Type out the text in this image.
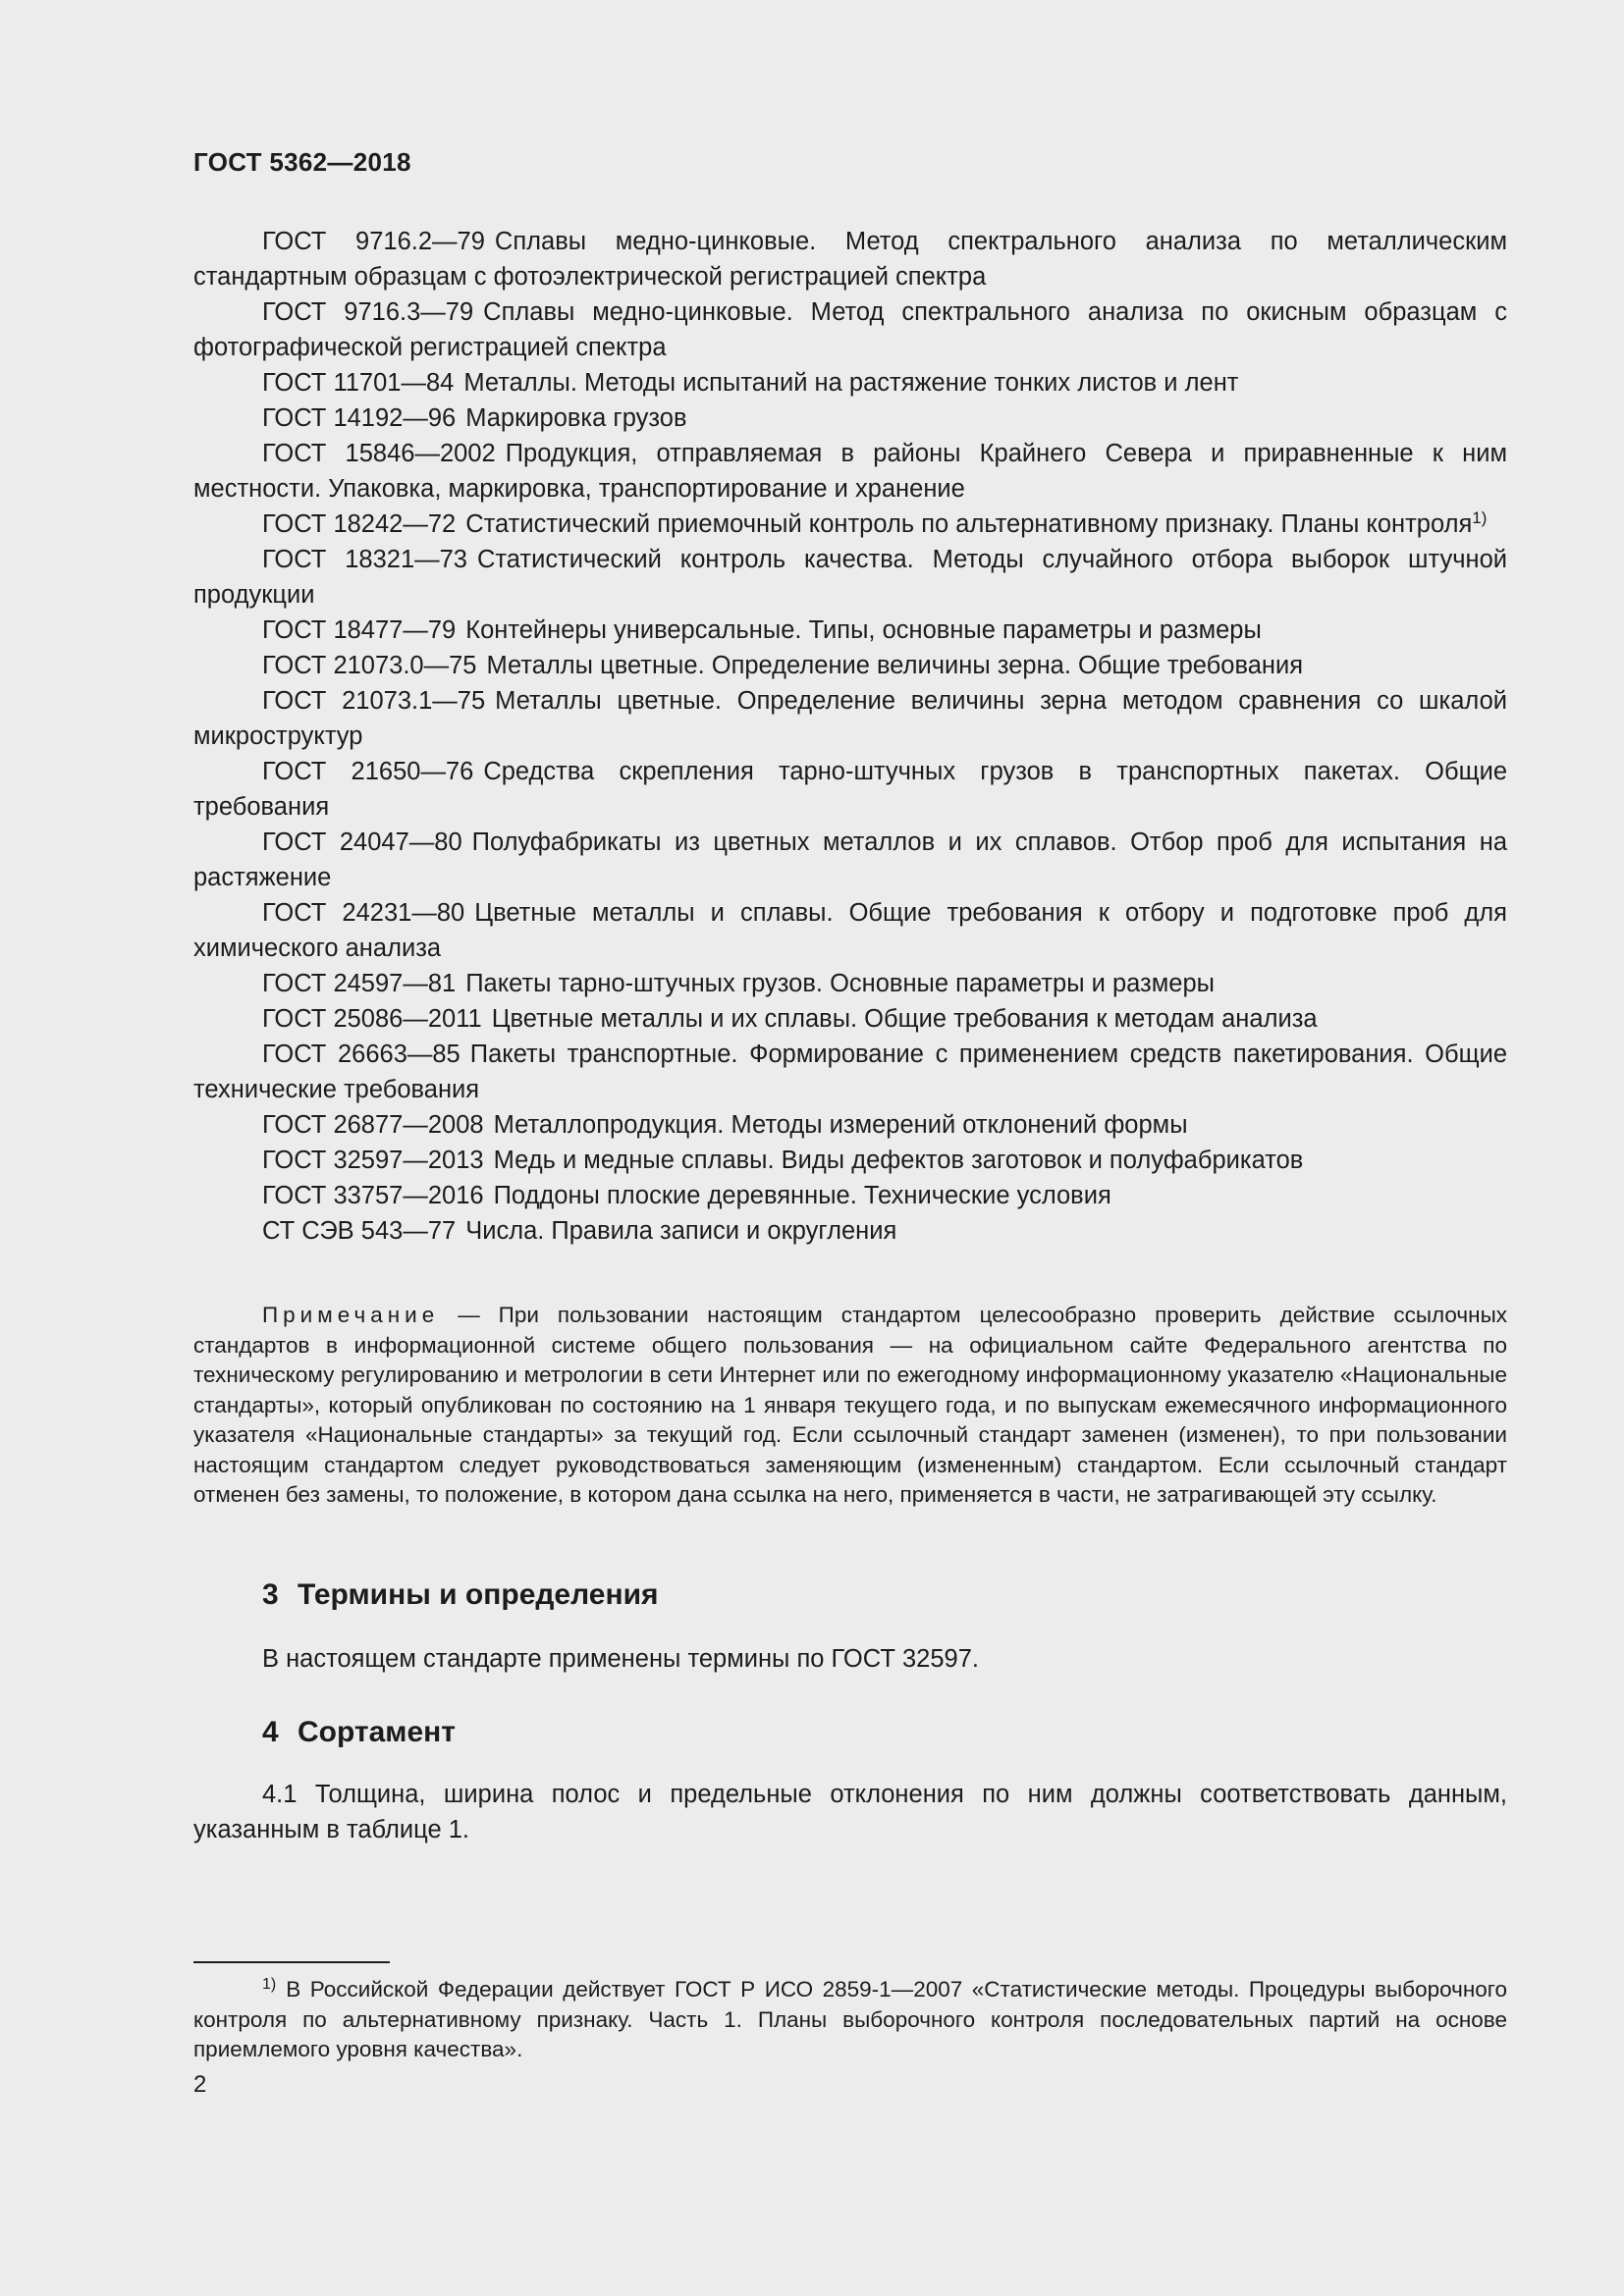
ГОСТ 5362—2018

ГОСТ 9716.2—79 Сплавы медно-цинковые. Метод спектрального анализа по металлическим стандартным образцам с фотоэлектрической регистрацией спектра

ГОСТ 9716.3—79 Сплавы медно-цинковые. Метод спектрального анализа по окисным образцам с фотографической регистрацией спектра

ГОСТ 11701—84 Металлы. Методы испытаний на растяжение тонких листов и лент

ГОСТ 14192—96 Маркировка грузов

ГОСТ 15846—2002 Продукция, отправляемая в районы Крайнего Севера и приравненные к ним местности. Упаковка, маркировка, транспортирование и хранение

ГОСТ 18242—72 Статистический приемочный контроль по альтернативному признаку. Планы контроля$^{1)}$

ГОСТ 18321—73 Статистический контроль качества. Методы случайного отбора выборок штучной продукции

ГОСТ 18477—79 Контейнеры универсальные. Типы, основные параметры и размеры

ГОСТ 21073.0—75 Металлы цветные. Определение величины зерна. Общие требования

ГОСТ 21073.1—75 Металлы цветные. Определение величины зерна методом сравнения со шкалой микроструктур

ГОСТ 21650—76 Средства скрепления тарно-штучных грузов в транспортных пакетах. Общие требования

ГОСТ 24047—80 Полуфабрикаты из цветных металлов и их сплавов. Отбор проб для испытания на растяжение

ГОСТ 24231—80 Цветные металлы и сплавы. Общие требования к отбору и подготовке проб для химического анализа

ГОСТ 24597—81 Пакеты тарно-штучных грузов. Основные параметры и размеры

ГОСТ 25086—2011 Цветные металлы и их сплавы. Общие требования к методам анализа

ГОСТ 26663—85 Пакеты транспортные. Формирование с применением средств пакетирования. Общие технические требования

ГОСТ 26877—2008 Металлопродукция. Методы измерений отклонений формы

ГОСТ 32597—2013 Медь и медные сплавы. Виды дефектов заготовок и полуфабрикатов

ГОСТ 33757—2016 Поддоны плоские деревянные. Технические условия

СТ СЭВ 543—77 Числа. Правила записи и округления

Примечание — При пользовании настоящим стандартом целесообразно проверить действие ссылочных стандартов в информационной системе общего пользования — на официальном сайте Федерального агентства по техническому регулированию и метрологии в сети Интернет или по ежегодному информационному указателю «Национальные стандарты», который опубликован по состоянию на 1 января текущего года, и по выпускам ежемесячного информационного указателя «Национальные стандарты» за текущий год. Если ссылочный стандарт заменен (изменен), то при пользовании настоящим стандартом следует руководствоваться заменяющим (измененным) стандартом. Если ссылочный стандарт отменен без замены, то положение, в котором дана ссылка на него, применяется в части, не затрагивающей эту ссылку.

3 Термины и определения

В настоящем стандарте применены термины по ГОСТ 32597.

4 Сортамент

4.1 Толщина, ширина полос и предельные отклонения по ним должны соответствовать данным, указанным в таблице 1.

$^{1)}$ В Российской Федерации действует ГОСТ Р ИСО 2859-1—2007 «Статистические методы. Процедуры выборочного контроля по альтернативному признаку. Часть 1. Планы выборочного контроля последовательных партий на основе приемлемого уровня качества».

2
